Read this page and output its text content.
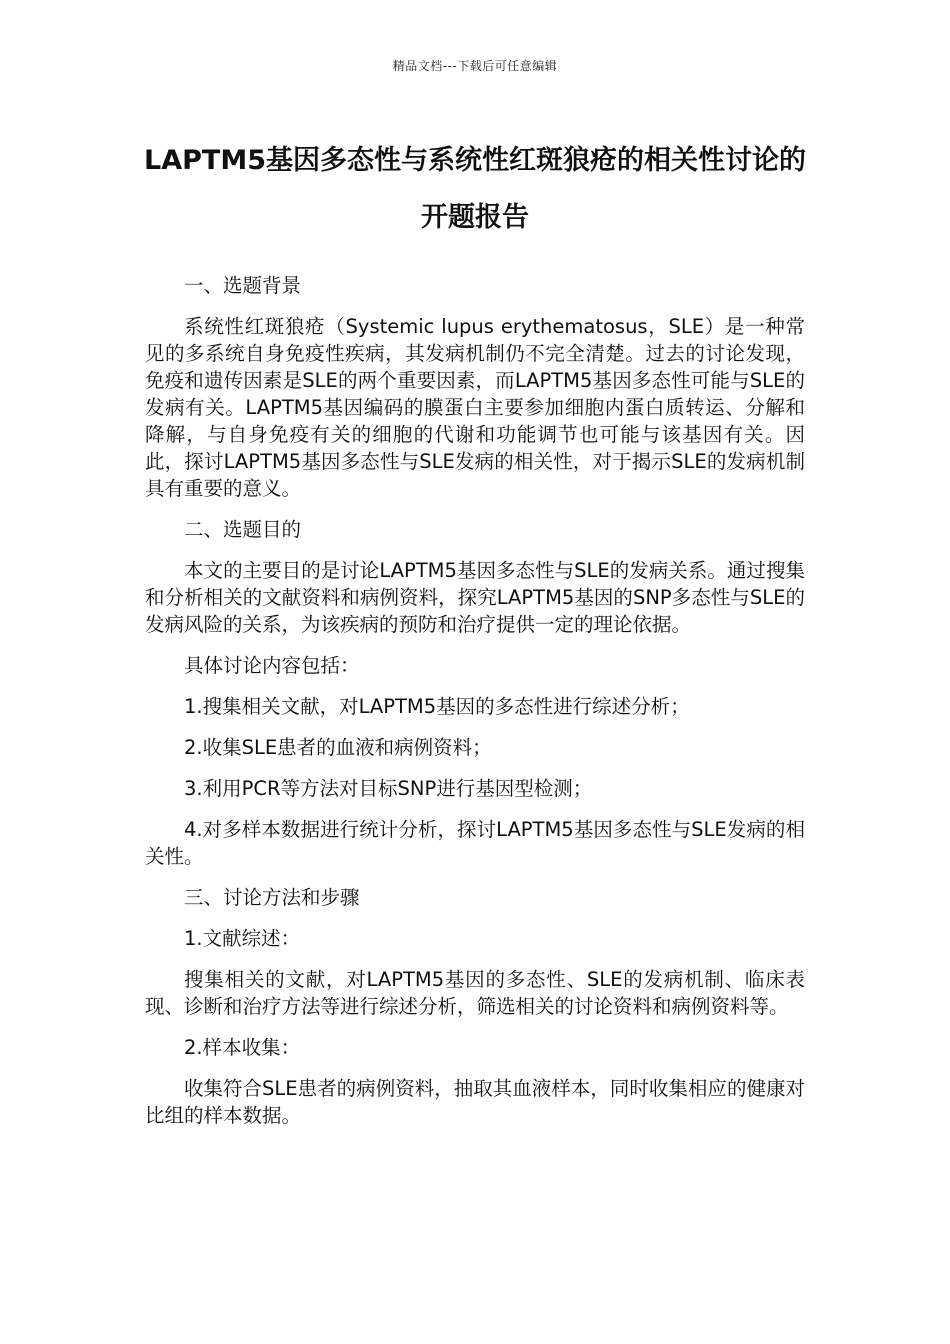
精品文档---下载后可任意编辑
LAPTM5基因多态性与系统性红斑狼疮的相关性讨论的开题报告

一、选题背景

系统性红斑狼疮（Systemic lupus erythematosus，SLE）是一种常见的多系统自身免疫性疾病，其发病机制仍不完全清楚。过去的讨论发现，免疫和遗传因素是SLE的两个重要因素，而LAPTM5基因多态性可能与SLE的发病有关。LAPTM5基因编码的膜蛋白主要参加细胞内蛋白质转运、分解和降解，与自身免疫有关的细胞的代谢和功能调节也可能与该基因有关。因此，探讨LAPTM5基因多态性与SLE发病的相关性，对于揭示SLE的发病机制具有重要的意义。

二、选题目的

本文的主要目的是讨论LAPTM5基因多态性与SLE的发病关系。通过搜集和分析相关的文献资料和病例资料，探究LAPTM5基因的SNP多态性与SLE的发病风险的关系，为该疾病的预防和治疗提供一定的理论依据。

具体讨论内容包括：

1.搜集相关文献，对LAPTM5基因的多态性进行综述分析；

2.收集SLE患者的血液和病例资料；

3.利用PCR等方法对目标SNP进行基因型检测；

4.对多样本数据进行统计分析，探讨LAPTM5基因多态性与SLE发病的相关性。

三、讨论方法和步骤

1.文献综述：

搜集相关的文献，对LAPTM5基因的多态性、SLE的发病机制、临床表现、诊断和治疗方法等进行综述分析，筛选相关的讨论资料和病例资料等。

2.样本收集：

收集符合SLE患者的病例资料，抽取其血液样本，同时收集相应的健康对比组的样本数据。
